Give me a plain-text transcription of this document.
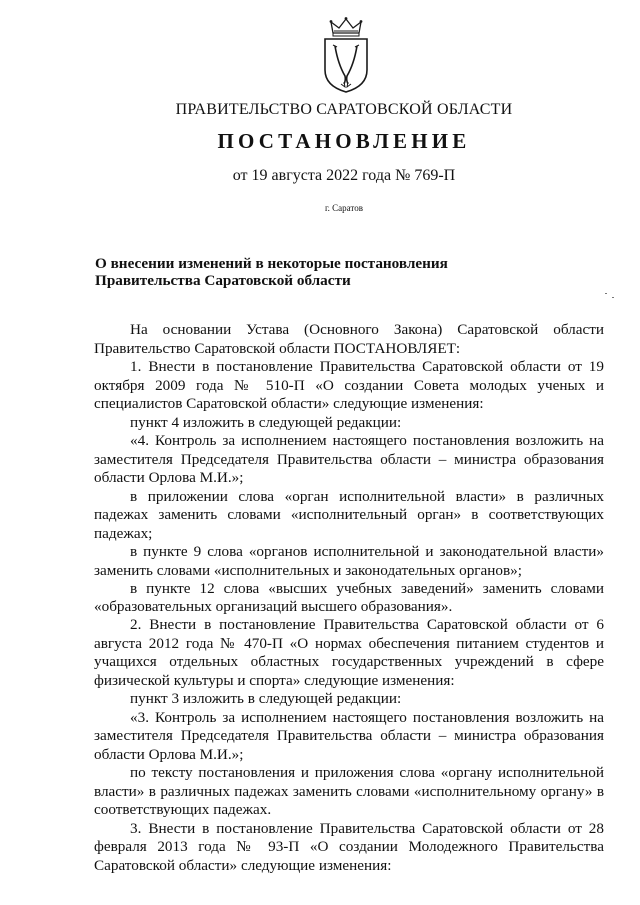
ПРАВИТЕЛЬСТВО САРАТОВСКОЙ ОБЛАСТИ
ПОСТАНОВЛЕНИЕ
от 19 августа 2022 года № 769-П
г. Саратов
О внесении изменений в некоторые постановления
Правительства Саратовской области

На основании Устава (Основного Закона) Саратовской области Правительство Саратовской области ПОСТАНОВЛЯЕТ:

1. Внести в постановление Правительства Саратовской области от 19 октября 2009 года № 510-П «О создании Совета молодых ученых и специалистов Саратовской области» следующие изменения:

пункт 4 изложить в следующей редакции:

«4. Контроль за исполнением настоящего постановления возложить на заместителя Председателя Правительства области – министра образования области Орлова М.И.»;

в приложении слова «орган исполнительной власти» в различных падежах заменить словами «исполнительный орган» в соответствующих падежах;

в пункте 9 слова «органов исполнительной и законодательной власти» заменить словами «исполнительных и законодательных органов»;

в пункте 12 слова «высших учебных заведений» заменить словами «образовательных организаций высшего образования».

2. Внести в постановление Правительства Саратовской области от 6 августа 2012 года № 470-П «О нормах обеспечения питанием студентов и учащихся отдельных областных государственных учреждений в сфере физической культуры и спорта» следующие изменения:

пункт 3 изложить в следующей редакции:

«3. Контроль за исполнением настоящего постановления возложить на заместителя Председателя Правительства области – министра образования области Орлова М.И.»;

по тексту постановления и приложения слова «органу исполнительной власти» в различных падежах заменить словами «исполнительному органу» в соответствующих падежах.

3. Внести в постановление Правительства Саратовской области от 28 февраля 2013 года № 93-П «О создании Молодежного Правительства Саратовской области» следующие изменения:
